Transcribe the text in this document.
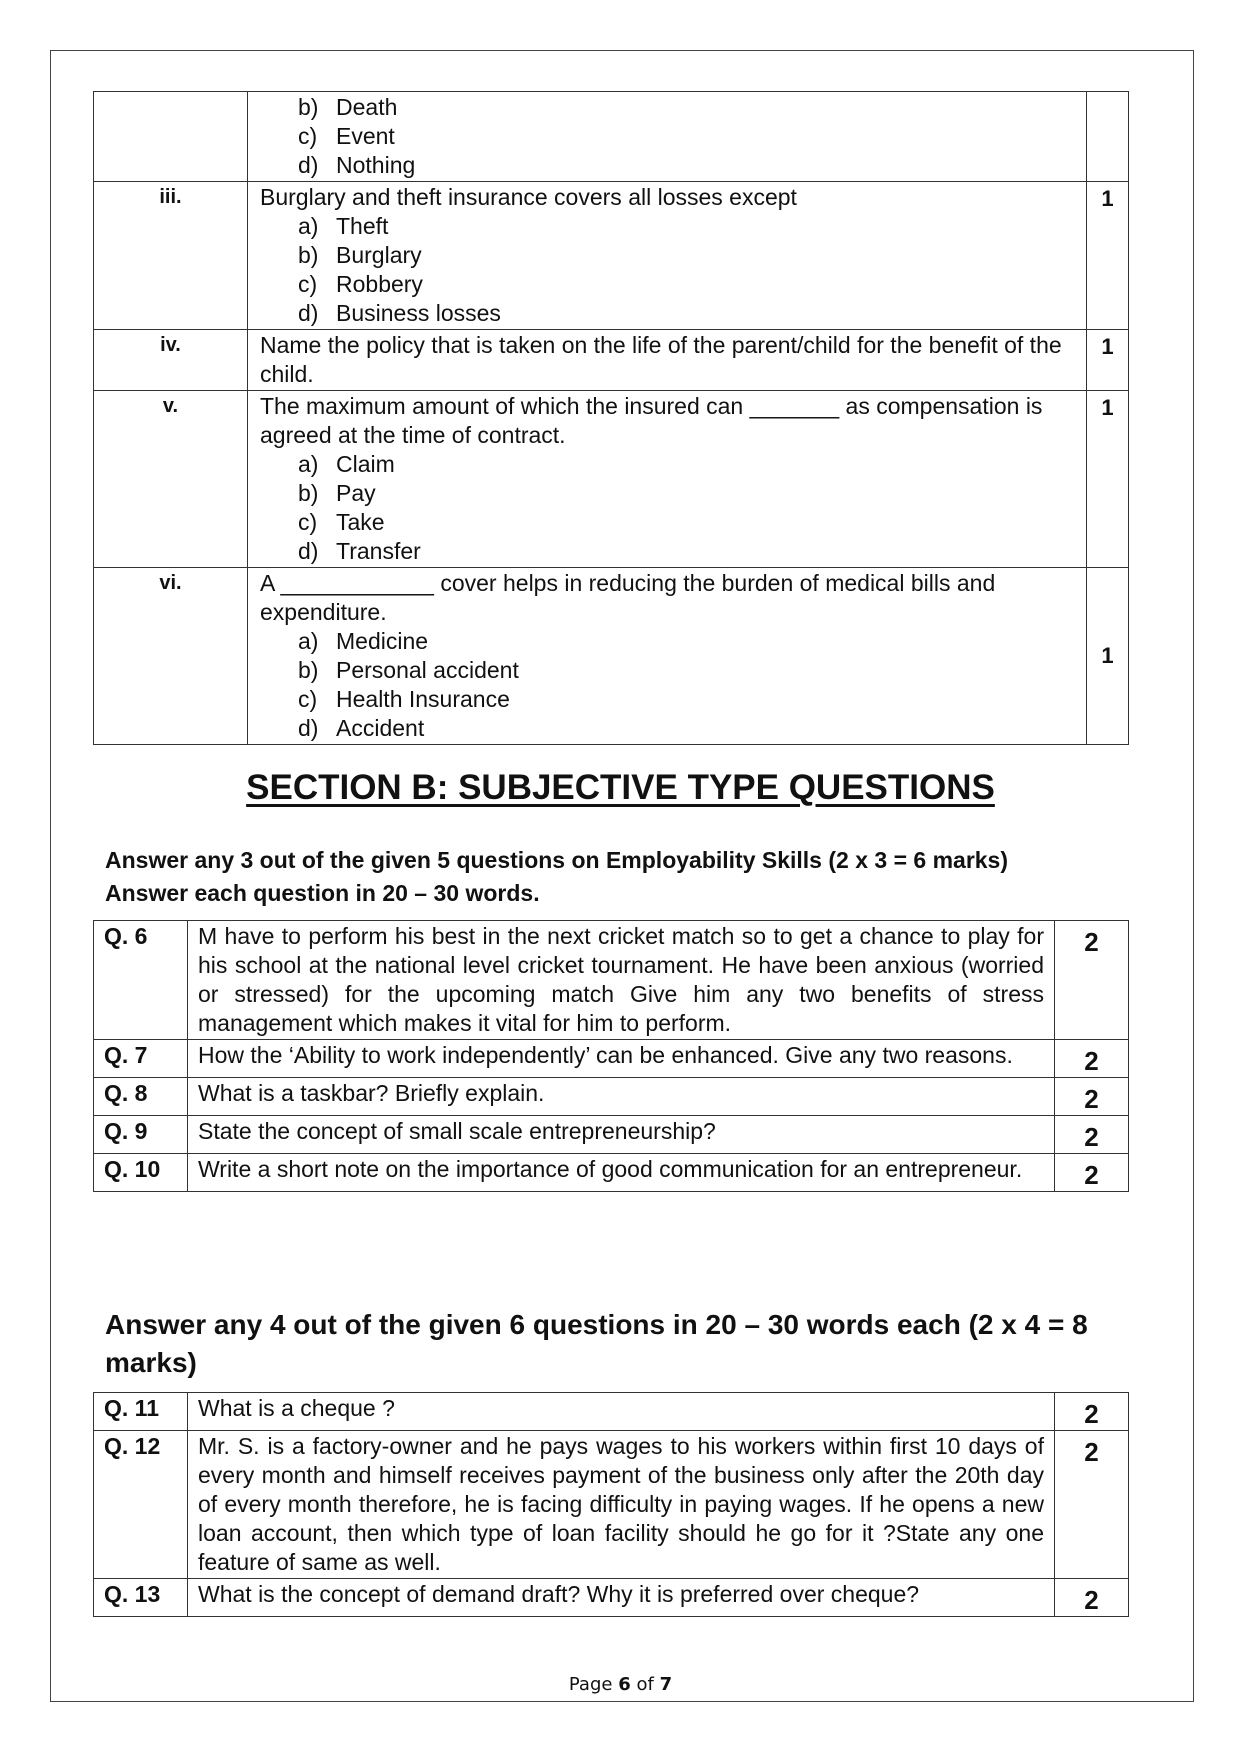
	b) Death
c) Event
d) Nothing	

iii.	Burglary and theft insurance covers all losses except
a) Theft
b) Burglary
c) Robbery
d) Business losses	1
iv.	Name the policy that is taken on the life of the parent/child for the benefit of the child.	1
v.	The maximum amount of which the insured can _______ as compensation is agreed at the time of contract.
a) Claim
b) Pay
c) Take
d) Transfer	1
vi.	A ____________ cover helps in reducing the burden of medical bills and expenditure.
a) Medicine
b) Personal accident
c) Health Insurance
d) Accident	1
SECTION B: SUBJECTIVE TYPE QUESTIONS
Answer any 3 out of the given 5 questions on Employability Skills (2 x 3 = 6 marks)
Answer each question in 20 – 30 words.
Q. 6	M have to perform his best in the next cricket match so to get a chance to play for his school at the national level cricket tournament. He have been anxious (worried or stressed) for the upcoming match Give him any two benefits of stress management which makes it vital for him to perform.	2
Q. 7	How the ‘Ability to work independently’ can be enhanced. Give any two reasons.	2
Q. 8	What is a taskbar? Briefly explain.	2
Q. 9	State the concept of small scale entrepreneurship?	2
Q. 10	Write a short note on the importance of good communication for an entrepreneur.	2
Answer any 4 out of the given 6 questions in 20 – 30 words each (2 x 4 = 8 marks)
Q. 11	What is a cheque ?	2
Q. 12	Mr. S. is a factory-owner and he pays wages to his workers within first 10 days of every month and himself receives payment of the business only after the 20th day of every month therefore, he is facing difficulty in paying wages. If he opens a new loan account, then which type of loan facility should he go for it ?State any one feature of same as well.	2
Q. 13	What is the concept of demand draft? Why it is preferred over cheque?	2
Page 6 of 7
